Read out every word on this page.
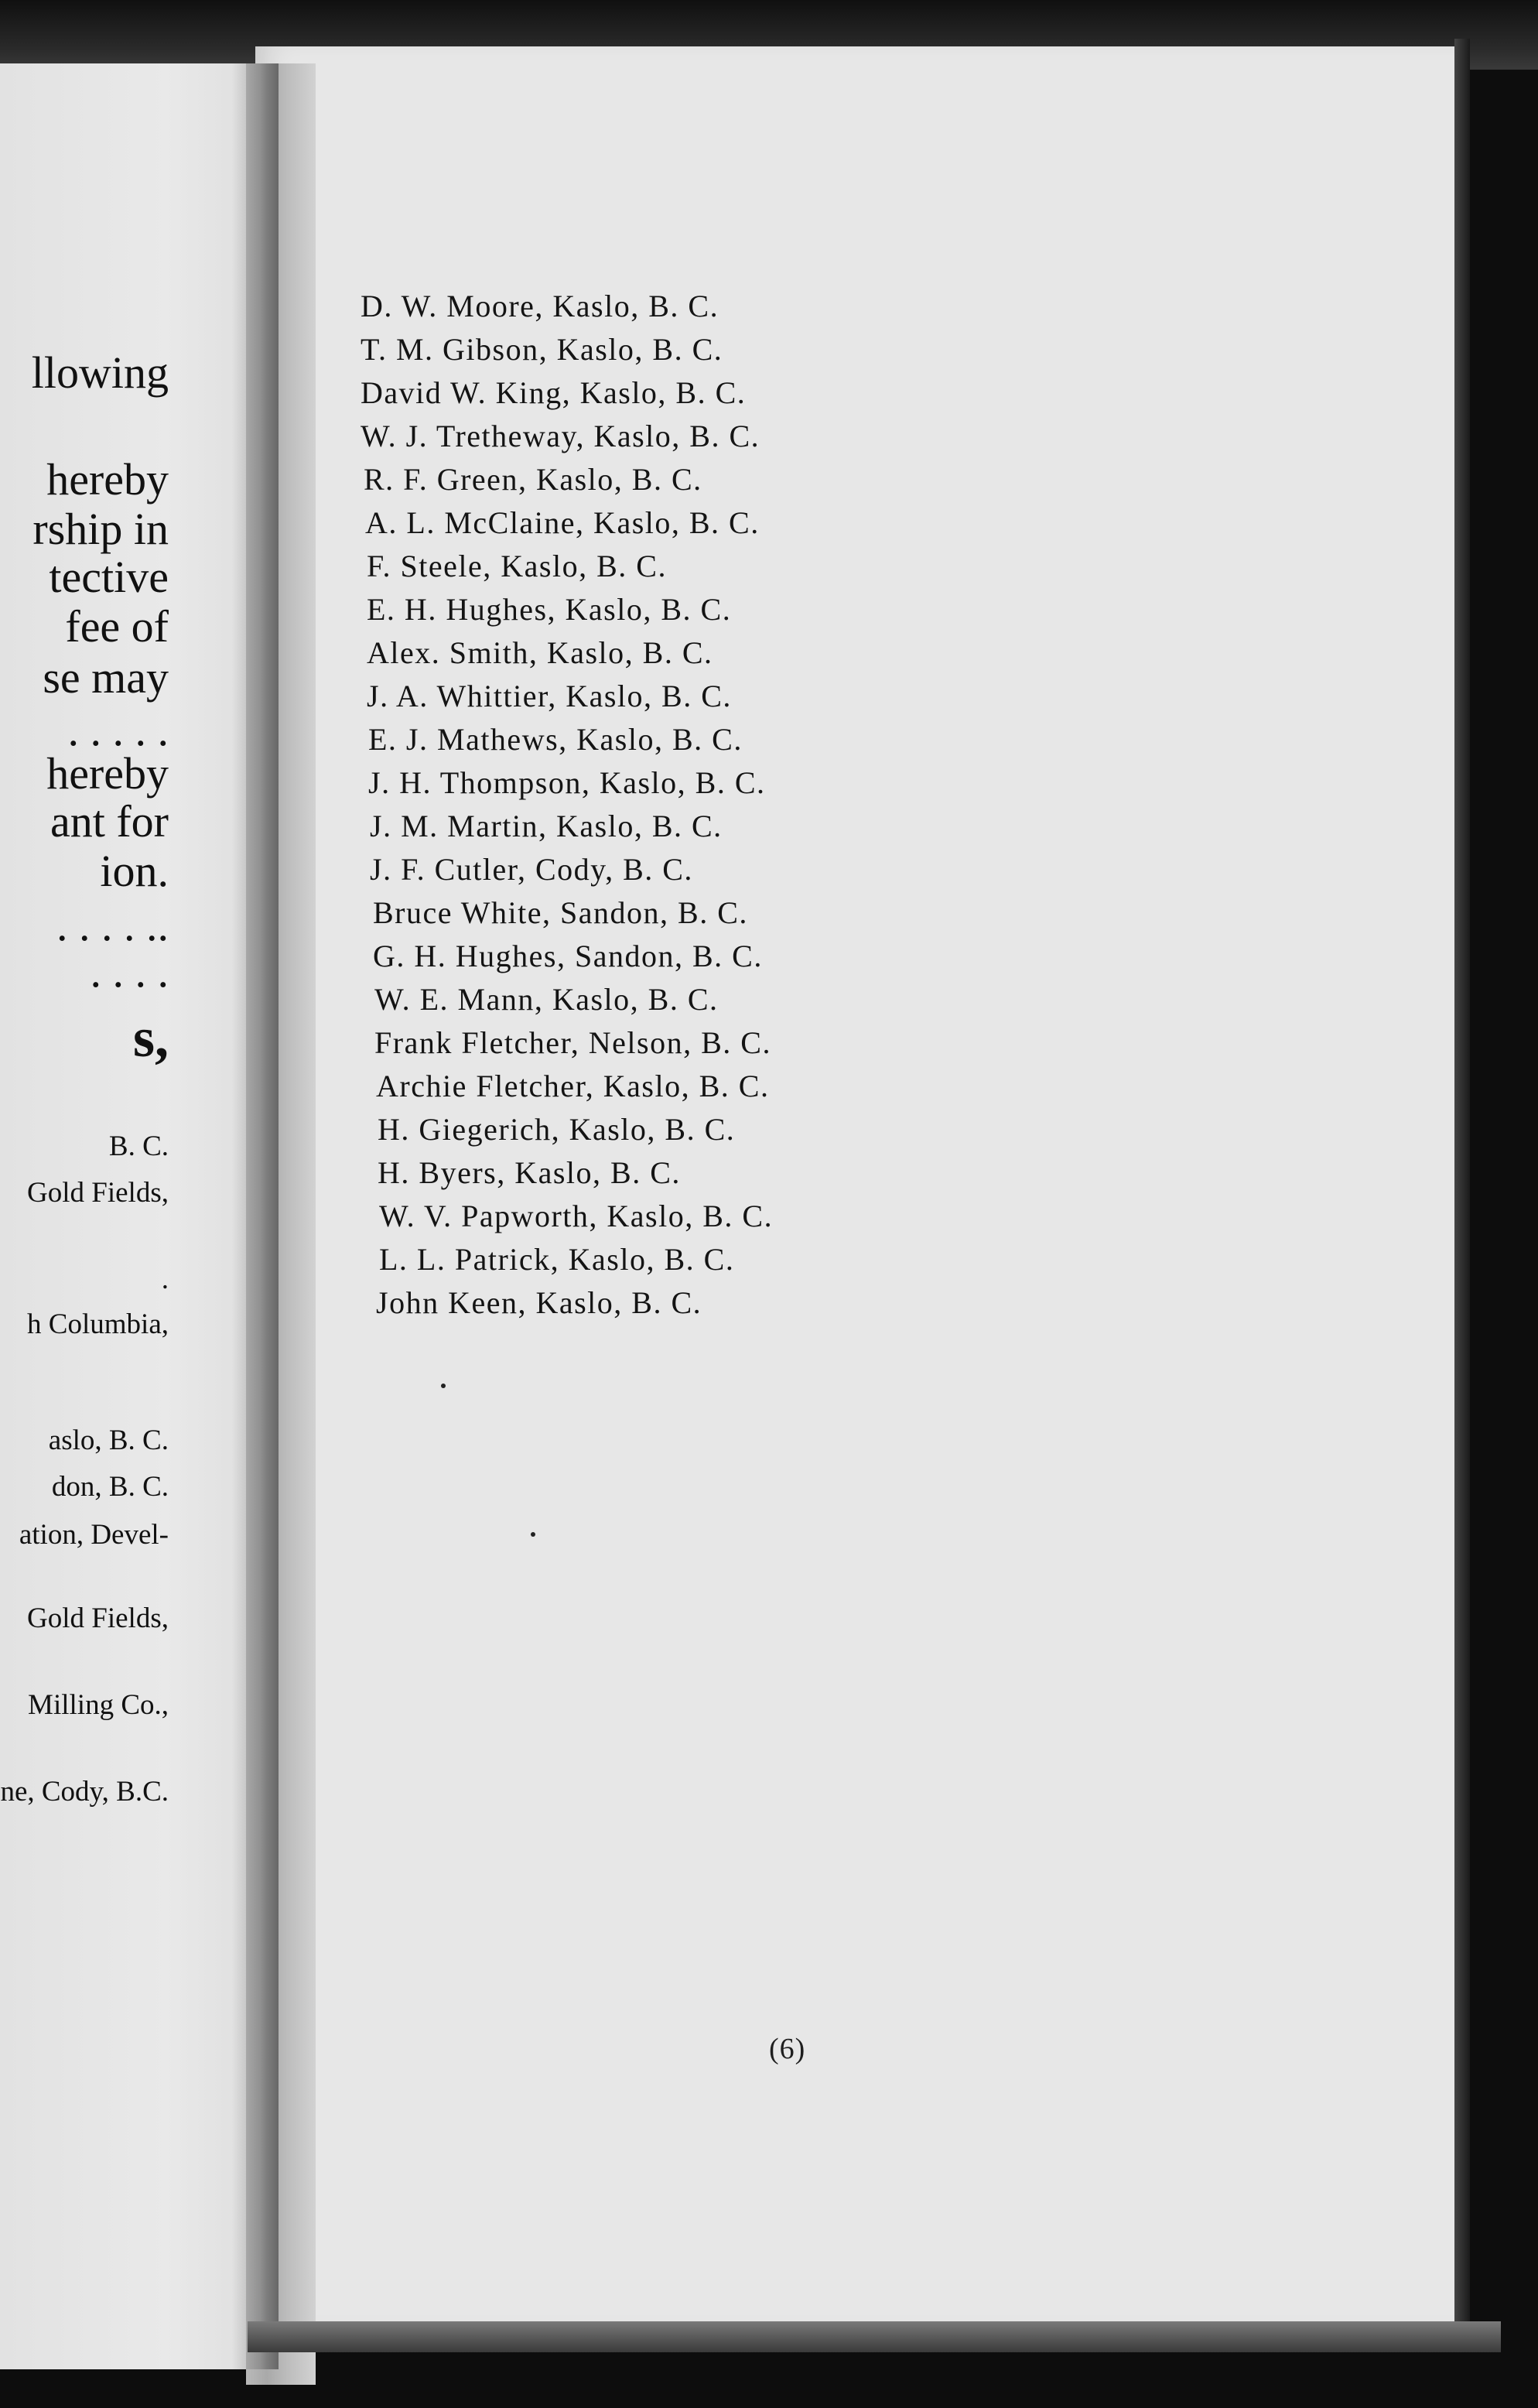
llowing
hereby
rship in
tective
fee of
se may
. . . . .
hereby
ant for
ion.
. . . . ..
. . . .
s,
B. C.
Gold Fields,
.
h Columbia,
aslo, B. C.
don, B. C.
ation, Devel-
Gold Fields,
Milling Co.,
ne, Cody, B.C.
D. W. Moore, Kaslo, B. C.
T. M. Gibson, Kaslo, B. C.
David W. King, Kaslo, B. C.
W. J. Tretheway, Kaslo, B. C.
R. F. Green, Kaslo, B. C.
A. L. McClaine, Kaslo, B. C.
F. Steele, Kaslo, B. C.
E. H. Hughes, Kaslo, B. C.
Alex. Smith, Kaslo, B. C.
J. A. Whittier, Kaslo, B. C.
E. J. Mathews, Kaslo, B. C.
J. H. Thompson, Kaslo, B. C.
J. M. Martin, Kaslo, B. C.
J. F. Cutler, Cody, B. C.
Bruce White, Sandon, B. C.
G. H. Hughes, Sandon, B. C.
W. E. Mann, Kaslo, B. C.
Frank Fletcher, Nelson, B. C.
Archie Fletcher, Kaslo, B. C.
H. Giegerich, Kaslo, B. C.
H. Byers, Kaslo, B. C.
W. V. Papworth, Kaslo, B. C.
L. L. Patrick, Kaslo, B. C.
John Keen, Kaslo, B. C.
(6)
